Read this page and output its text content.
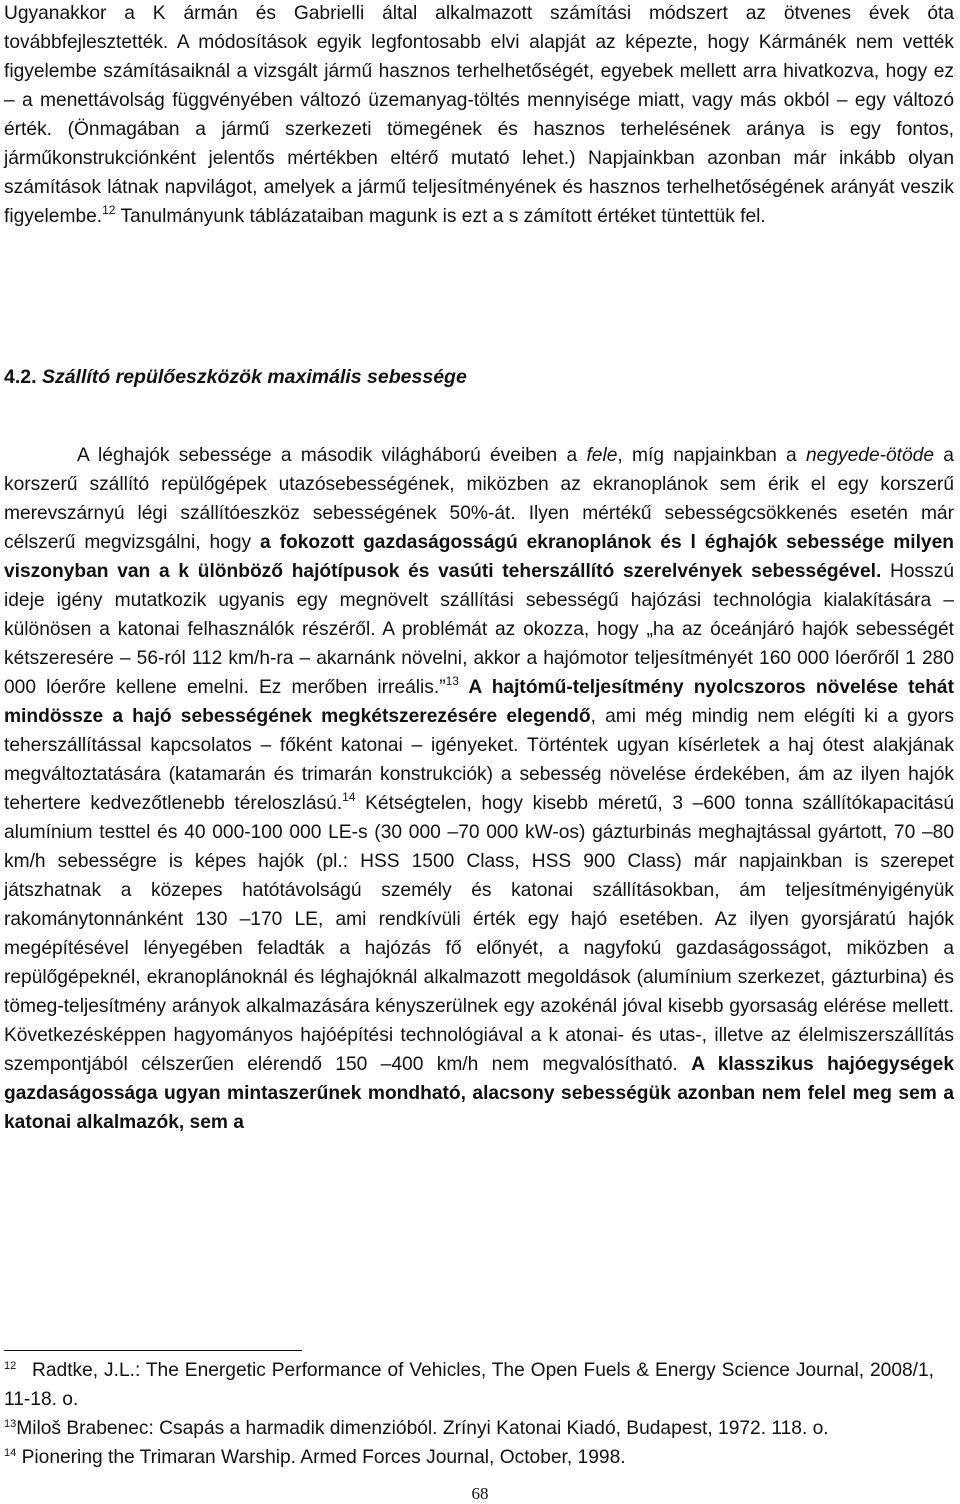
Ugyanakkor a K ármán és Gabrielli által alkalmazott számítási módszert az ötvenes évek óta továbbfejlesztették. A módosítások egyik legfontosabb elvi alapját az képezte, hogy Kármánék nem vették figyelembe számításaiknál a vizsgált jármű hasznos terhelhetőségét, egyebek mellett arra hivatkozva, hogy ez – a menettávolság függvényében változó üzemanyag-töltés mennyisége miatt, vagy más okból – egy változó érték. (Önmagában a jármű szerkezeti tömegének és hasznos terhelésének aránya is egy fontos, járműkonstrukciónként jelentős mértékben eltérő mutató lehet.) Napjainkban azonban már inkább olyan számítások látnak napvilágot, amelyek a jármű teljesítményének és hasznos terhelhetőségének arányát veszik figyelembe.$^{12}$ Tanulmányunk táblázataiban magunk is ezt a s zámított értéket tüntettük fel.

4.2. Szállító repülőeszközök maximális sebessége

A léghajók sebessége a második világháború éveiben a fele, míg napjainkban a negyede-ötöde a korszerű szállító repülőgépek utazósebességének, miközben az ekranoplánok sem érik el egy korszerű merevszárnyú légi szállítóeszköz sebességének 50%-át. Ilyen mértékű sebességcsökkenés esetén már célszerű megvizsgálni, hogy a fokozott gazdaságosságú ekranoplánok és l éghajók sebessége milyen viszonyban van a k ülönböző hajótípusok és vasúti teherszállító szerelvények sebességével. Hosszú ideje igény mutatkozik ugyanis egy megnövelt szállítási sebességű hajózási technológia kialakítására – különösen a katonai felhasználók részéről. A problémát az okozza, hogy „ha az óceánjáró hajók sebességét kétszeresére – 56-ról 112 km/h-ra – akarnánk növelni, akkor a hajómotor teljesítményét 160 000 lóerőről 1 280 000 lóerőre kellene emelni. Ez merőben irreális.”$^{13}$ A hajtómű-teljesítmény nyolcszoros növelése tehát mindössze a hajó sebességének megkétszerezésére elegendő, ami még mindig nem elégíti ki a gyors teherszállítással kapcsolatos – főként katonai – igényeket. Történtek ugyan kísérletek a haj ótest alakjának megváltoztatására (katamarán és trimarán konstrukciók) a sebesség növelése érdekében, ám az ilyen hajók tehertere kedvezőtlenebb téreloszlású.$^{14}$ Kétségtelen, hogy kisebb méretű, 3 –600 tonna szállítókapacitású alumínium testtel és 40 000-100 000 LE-s (30 000 –70 000 kW-os) gázturbinás meghajtással gyártott, 70 –80 km/h sebességre is képes hajók (pl.: HSS 1500 Class, HSS 900 Class) már napjainkban is szerepet játszhatnak a közepes hatótávolságú személy és katonai szállításokban, ám teljesítményigényük rakománytonnánként 130 –170 LE, ami rendkívüli érték egy hajó esetében. Az ilyen gyorsjáratú hajók megépítésével lényegében feladták a hajózás fő előnyét, a nagyfokú gazdaságosságot, miközben a repülőgépeknél, ekranoplánoknál és léghajóknál alkalmazott megoldások (alumínium szerkezet, gázturbina) és tömeg-teljesítmény arányok alkalmazására kényszerülnek egy azokénál jóval kisebb gyorsaság elérése mellett. Következésképpen hagyományos hajóépítési technológiával a k atonai- és utas-, illetve az élelmiszerszállítás szempontjából célszerűen elérendő 150 –400 km/h nem megvalósítható. A klasszikus hajóegységek gazdaságossága ugyan mintaszerűnek mondható, alacsony sebességük azonban nem felel meg sem a katonai alkalmazók, sem a

$^{12}$ Radtke, J.L.: The Energetic Performance of Vehicles, The Open Fuels & Energy Science Journal, 2008/1, 11-18. o.

$^{13}$Miloš Brabenec: Csapás a harmadik dimenzióból. Zrínyi Katonai Kiadó, Budapest, 1972. 118. o.

$^{14}$ Pionering the Trimaran Warship. Armed Forces Journal, October, 1998.

68
